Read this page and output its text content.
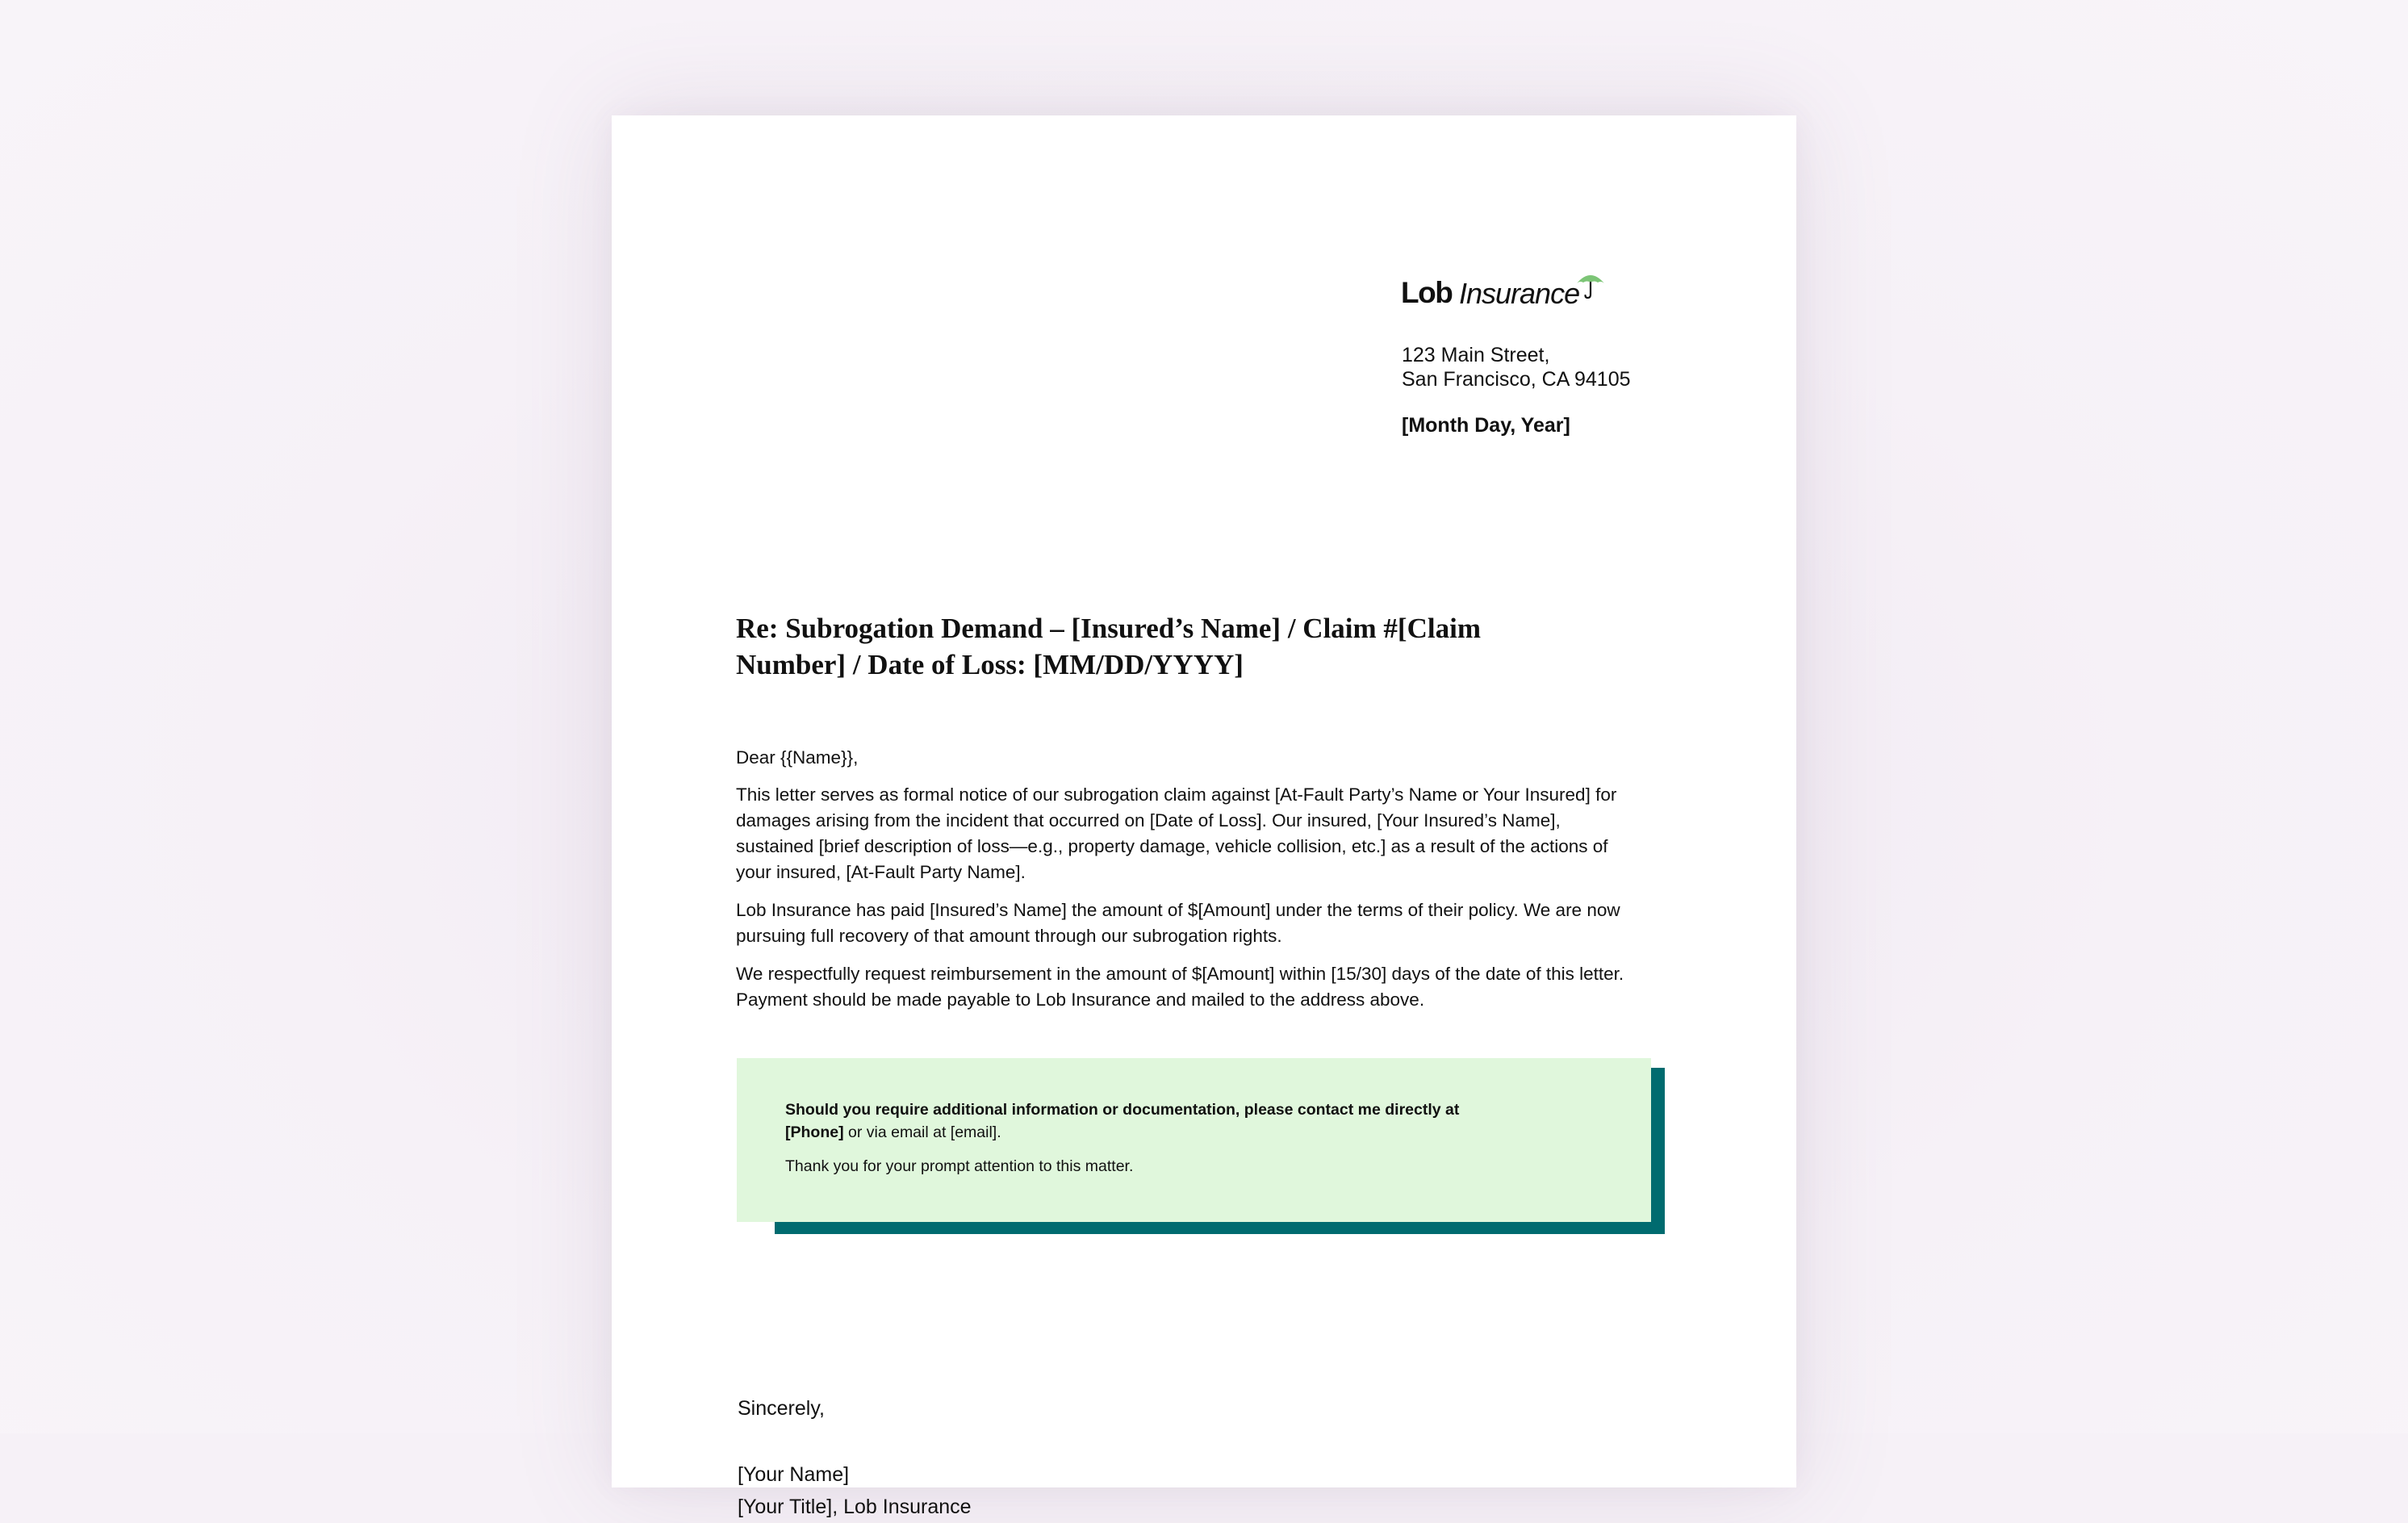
Lob Insurance
123 Main Street,
San Francisco, CA 94105
[Month Day, Year]
Re: Subrogation Demand – [Insured’s Name] / Claim #[Claim Number] / Date of Loss: [MM/DD/YYYY]

Dear {{Name}},

This letter serves as formal notice of our subrogation claim against [At-Fault Party’s Name or Your Insured] for damages arising from the incident that occurred on [Date of Loss]. Our insured, [Your Insured’s Name], sustained [brief description of loss—e.g., property damage, vehicle collision, etc.] as a result of the actions of your insured, [At-Fault Party Name].

Lob Insurance has paid [Insured’s Name] the amount of $[Amount] under the terms of their policy. We are now pursuing full recovery of that amount through our subrogation rights.

We respectfully request reimbursement in the amount of $[Amount] within [15/30] days of the date of this letter. Payment should be made payable to Lob Insurance and mailed to the address above.

Should you require additional information or documentation, please contact me directly at [Phone] or via email at [email].

Thank you for your prompt attention to this matter.

Sincerely,
[Your Name]
[Your Title], Lob Insurance
